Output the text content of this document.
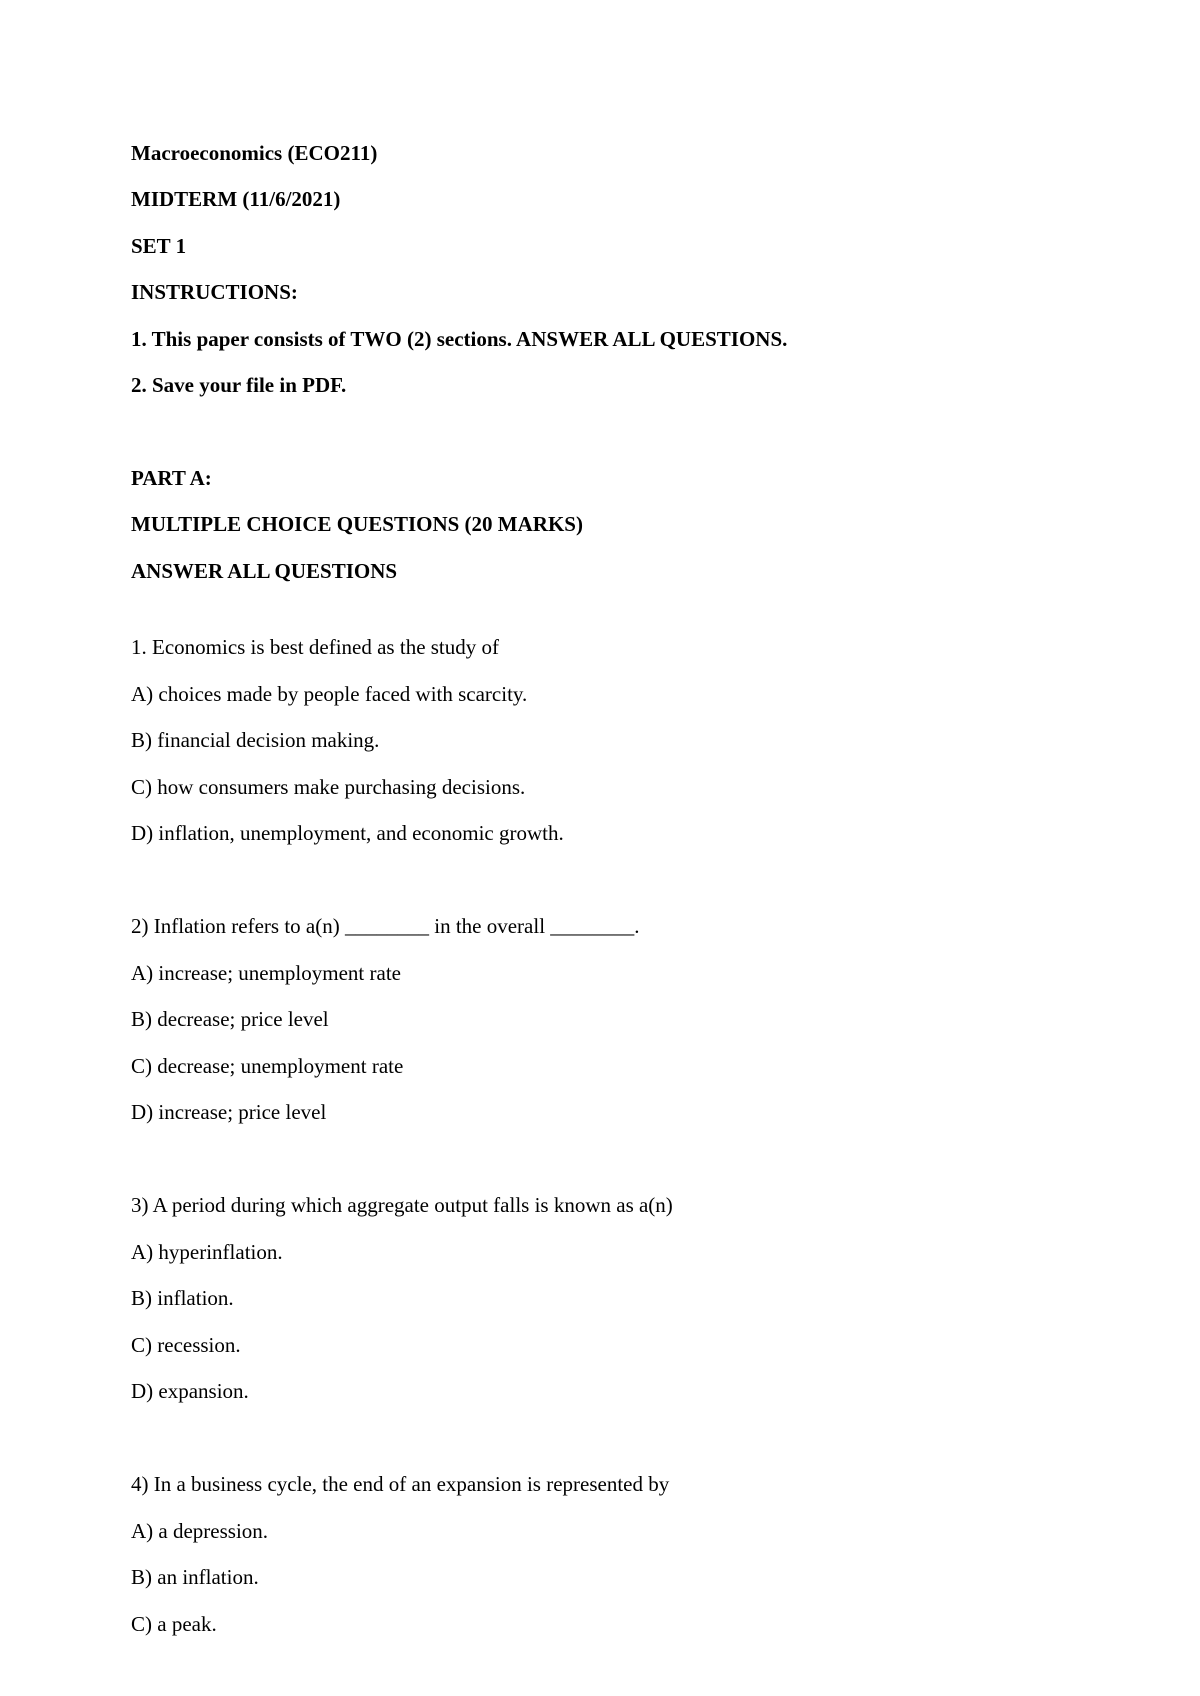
Macroeconomics (ECO211)
MIDTERM (11/6/2021)
SET 1
INSTRUCTIONS:
1. This paper consists of TWO (2) sections. ANSWER ALL QUESTIONS.
2. Save your file in PDF.
PART A:
MULTIPLE CHOICE QUESTIONS (20 MARKS)
ANSWER ALL QUESTIONS
1. Economics is best defined as the study of
A) choices made by people faced with scarcity.
B) financial decision making.
C) how consumers make purchasing decisions.
D) inflation, unemployment, and economic growth.
2) Inflation refers to a(n) ________ in the overall ________.
A) increase; unemployment rate
B) decrease; price level
C) decrease; unemployment rate
D) increase; price level
3) A period during which aggregate output falls is known as a(n)
A) hyperinflation.
B) inflation.
C) recession.
D) expansion.
4) In a business cycle, the end of an expansion is represented by
A) a depression.
B) an inflation.
C) a peak.
